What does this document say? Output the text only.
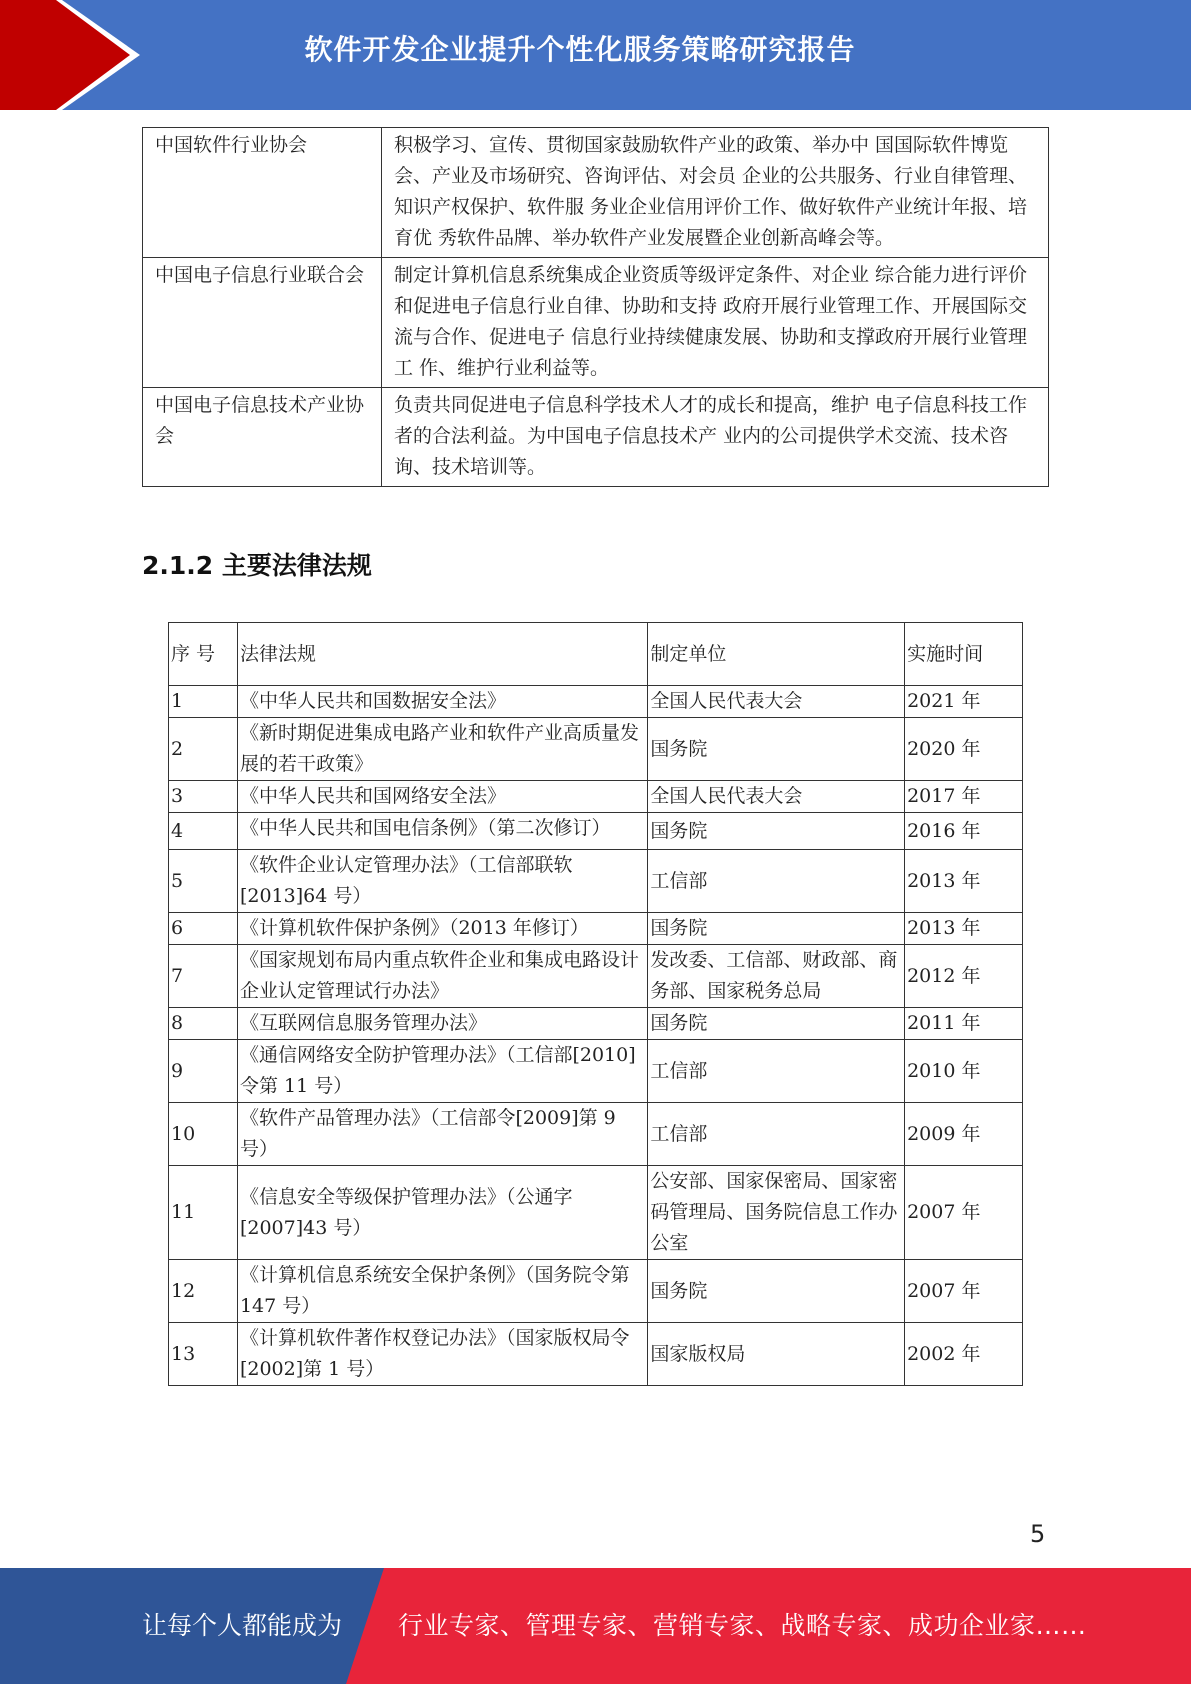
软件开发企业提升个性化服务策略研究报告
中国软件行业协会	积极学习、宣传、贯彻国家鼓励软件产业的政策、举办中 国国际软件博览会、产业及市场研究、咨询评估、对会员 企业的公共服务、行业自律管理、知识产权保护、软件服 务业企业信用评价工作、做好软件产业统计年报、培育优 秀软件品牌、举办软件产业发展暨企业创新高峰会等。
中国电子信息行业联合会	制定计算机信息系统集成企业资质等级评定条件、对企业 综合能力进行评价和促进电子信息行业自律、协助和支持 政府开展行业管理工作、开展国际交流与合作、促进电子 信息行业持续健康发展、协助和支撑政府开展行业管理工 作、维护行业利益等。
中国电子信息技术产业协会	负责共同促进电子信息科学技术人才的成长和提高，维护 电子信息科技工作者的合法利益。为中国电子信息技术产 业内的公司提供学术交流、技术咨询、技术培训等。
2.1.2 主要法律法规
序 号	法律法规	制定单位	实施时间
1	《中华人民共和国数据安全法》	全国人民代表大会	2021 年
2	《新时期促进集成电路产业和软件产业高质量发展的若干政策》	国务院	2020 年
3	《中华人民共和国网络安全法》	全国人民代表大会	2017 年
4	《中华人民共和国电信条例》（第二次修订）	国务院	2016 年
5	《软件企业认定管理办法》（工信部联软[2013]64 号）	工信部	2013 年
6	《计算机软件保护条例》（2013 年修订）	国务院	2013 年
7	《国家规划布局内重点软件企业和集成电路设计企业认定管理试行办法》	发改委、工信部、财政部、商务部、国家税务总局	2012 年
8	《互联网信息服务管理办法》	国务院	2011 年
9	《通信网络安全防护管理办法》（工信部[2010]令第 11 号）	工信部	2010 年
10	《软件产品管理办法》（工信部令[2009]第 9 号）	工信部	2009 年
11	《信息安全等级保护管理办法》（公通字[2007]43 号）	公安部、国家保密局、国家密码管理局、国务院信息工作办公室	2007 年
12	《计算机信息系统安全保护条例》（国务院令第 147 号）	国务院	2007 年
13	《计算机软件著作权登记办法》（国家版权局令[2002]第 1 号）	国家版权局	2002 年
5
让每个人都能成为 行业专家、管理专家、营销专家、战略专家、成功企业家……
